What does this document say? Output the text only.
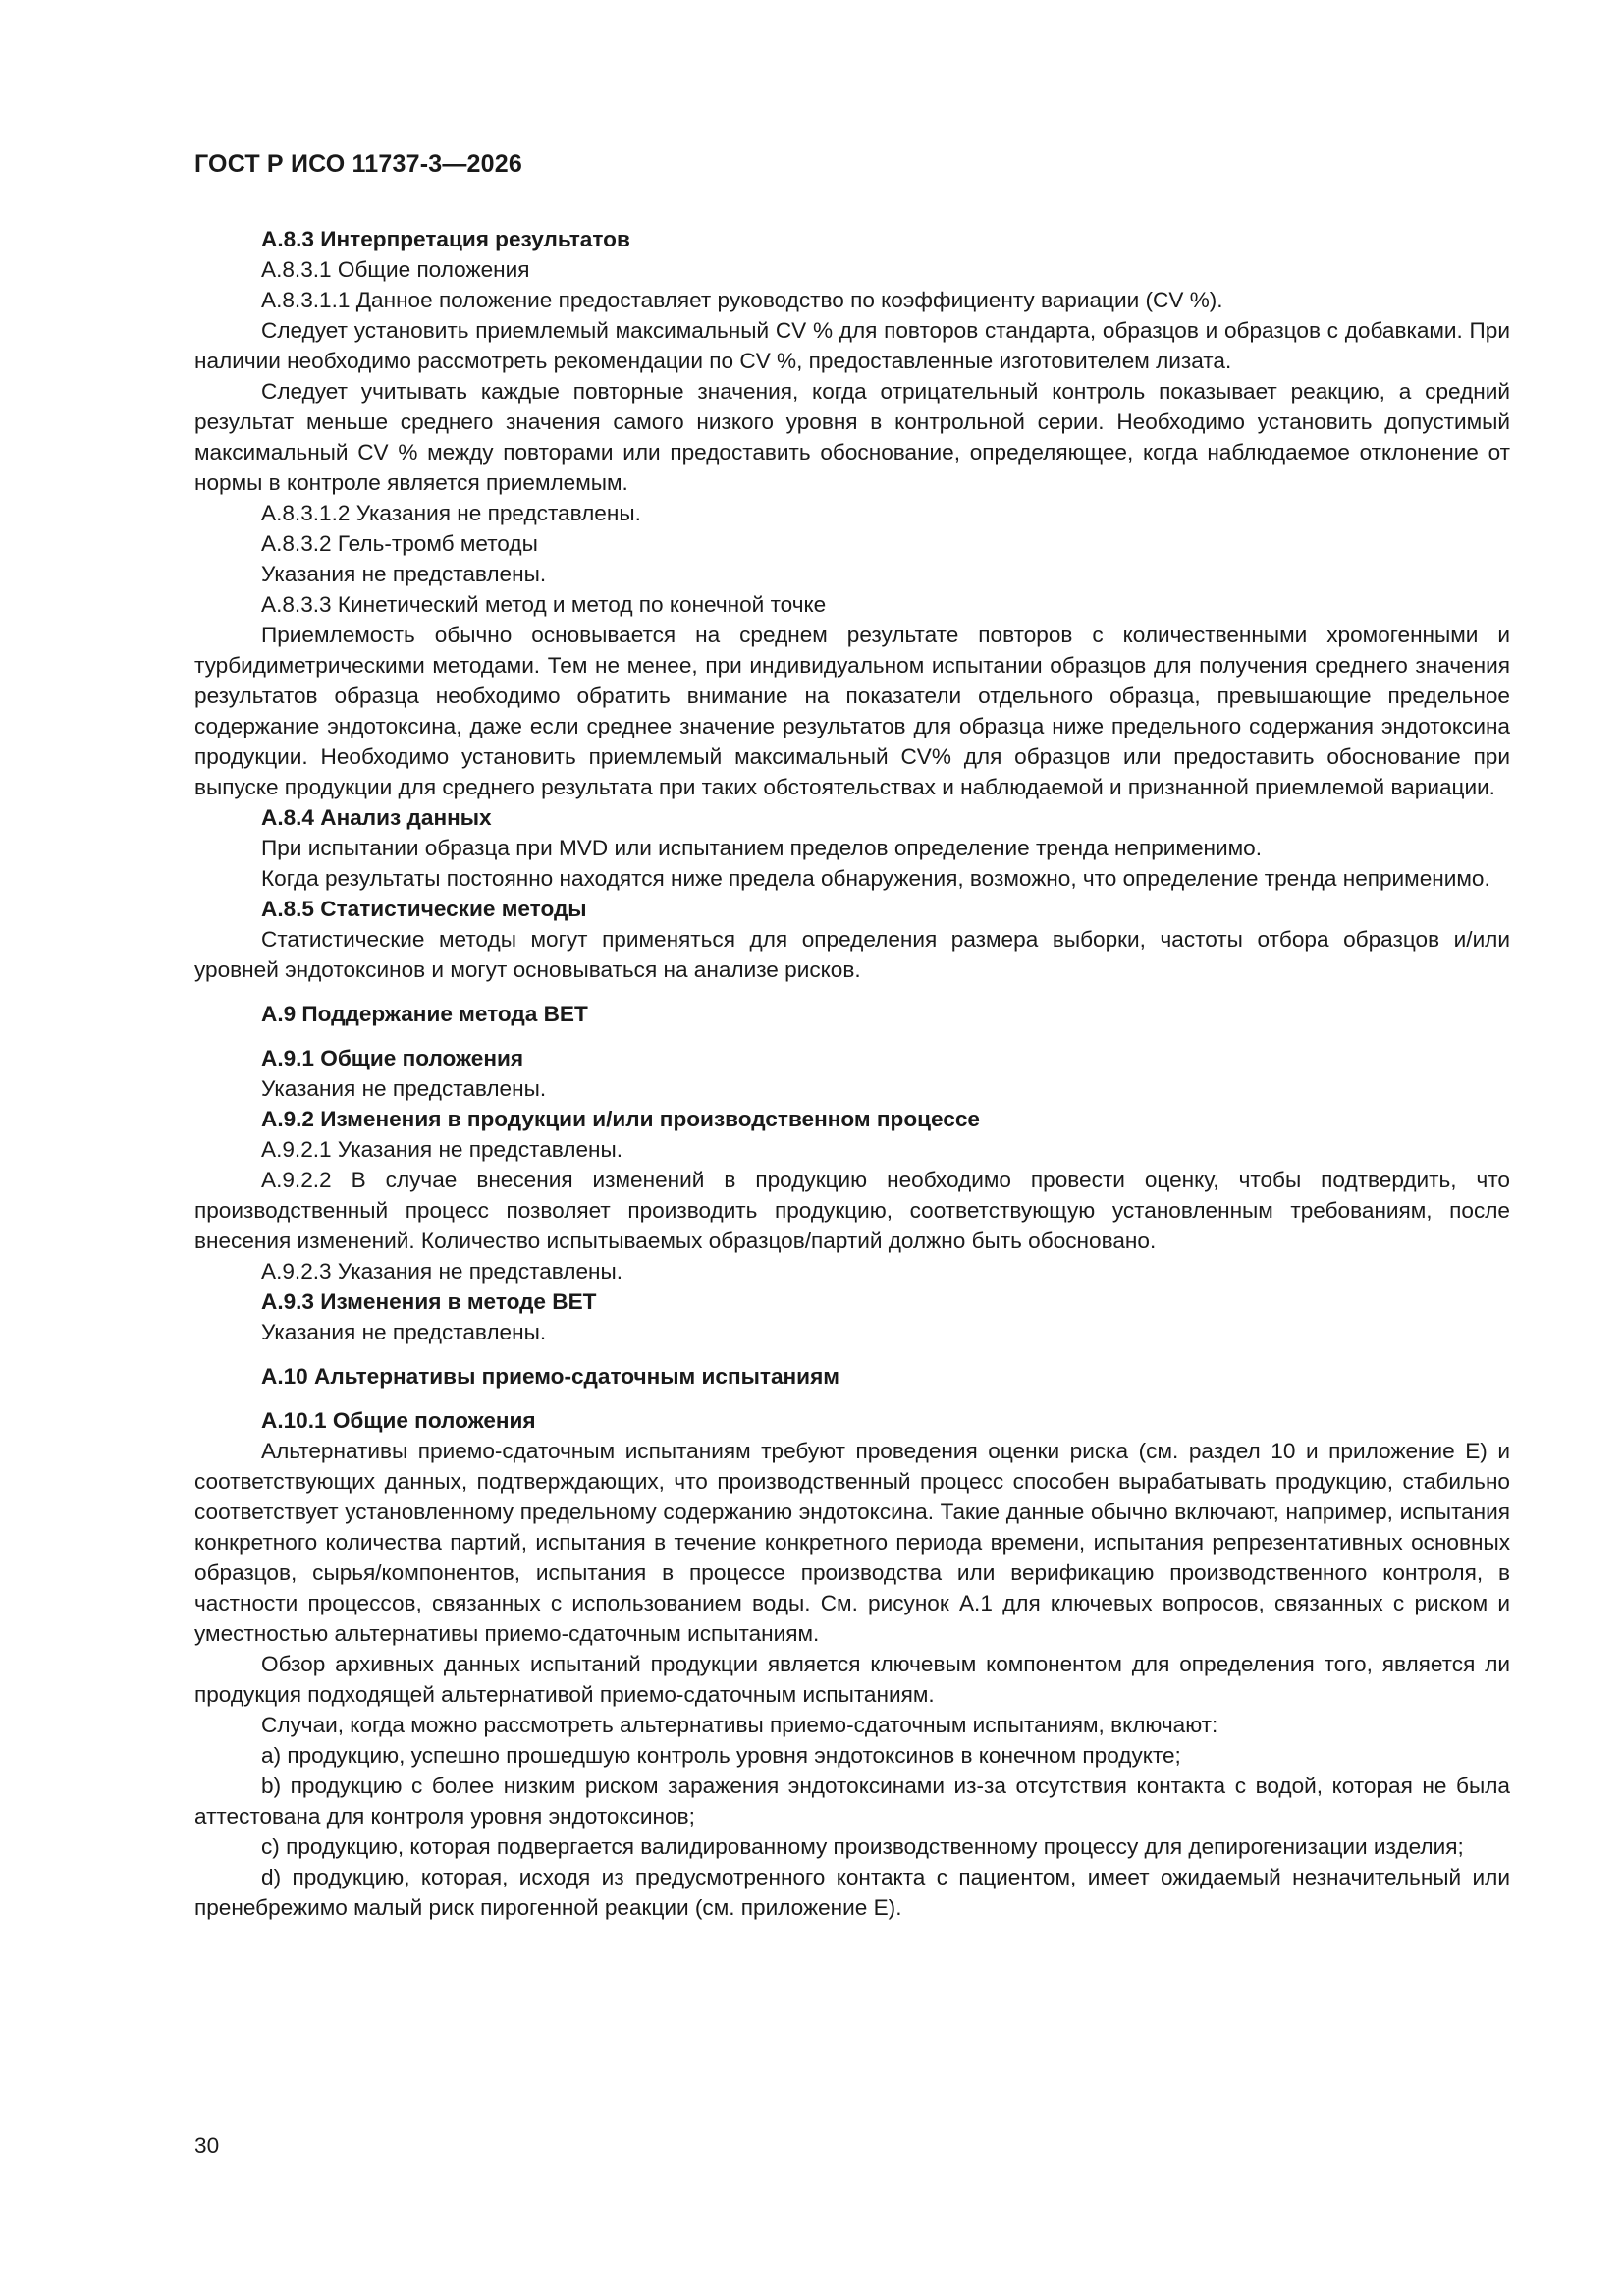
ГОСТ Р ИСО 11737-3—2026

А.8.3 Интерпретация результатов

А.8.3.1 Общие положения

А.8.3.1.1 Данное положение предоставляет руководство по коэффициенту вариации (CV %).

Следует установить приемлемый максимальный CV % для повторов стандарта, образцов и образцов с добавками. При наличии необходимо рассмотреть рекомендации по CV %, предоставленные изготовителем лизата.

Следует учитывать каждые повторные значения, когда отрицательный контроль показывает реакцию, а средний результат меньше среднего значения самого низкого уровня в контрольной серии. Необходимо установить допустимый максимальный CV % между повторами или предоставить обоснование, определяющее, когда наблюдаемое отклонение от нормы в контроле является приемлемым.

А.8.3.1.2 Указания не представлены.

А.8.3.2 Гель-тромб методы

Указания не представлены.

А.8.3.3 Кинетический метод и метод по конечной точке

Приемлемость обычно основывается на среднем результате повторов с количественными хромогенными и турбидиметрическими методами. Тем не менее, при индивидуальном испытании образцов для получения среднего значения результатов образца необходимо обратить внимание на показатели отдельного образца, превышающие предельное содержание эндотоксина, даже если среднее значение результатов для образца ниже предельного содержания эндотоксина продукции. Необходимо установить приемлемый максимальный CV% для образцов или предоставить обоснование при выпуске продукции для среднего результата при таких обстоятельствах и наблюдаемой и признанной приемлемой вариации.

А.8.4 Анализ данных

При испытании образца при MVD или испытанием пределов определение тренда неприменимо.

Когда результаты постоянно находятся ниже предела обнаружения, возможно, что определение тренда неприменимо.

А.8.5 Статистические методы

Статистические методы могут применяться для определения размера выборки, частоты отбора образцов и/или уровней эндотоксинов и могут основываться на анализе рисков.

А.9 Поддержание метода ВЕТ

А.9.1 Общие положения

Указания не представлены.

А.9.2 Изменения в продукции и/или производственном процессе

А.9.2.1 Указания не представлены.

А.9.2.2 В случае внесения изменений в продукцию необходимо провести оценку, чтобы подтвердить, что производственный процесс позволяет производить продукцию, соответствующую установленным требованиям, после внесения изменений. Количество испытываемых образцов/партий должно быть обосновано.

А.9.2.3 Указания не представлены.

А.9.3 Изменения в методе ВЕТ

Указания не представлены.

А.10 Альтернативы приемо-сдаточным испытаниям

А.10.1 Общие положения

Альтернативы приемо-сдаточным испытаниям требуют проведения оценки риска (см. раздел 10 и приложение Е) и соответствующих данных, подтверждающих, что производственный процесс способен вырабатывать продукцию, стабильно соответствует установленному предельному содержанию эндотоксина. Такие данные обычно включают, например, испытания конкретного количества партий, испытания в течение конкретного периода времени, испытания репрезентативных основных образцов, сырья/компонентов, испытания в процессе производства или верификацию производственного контроля, в частности процессов, связанных с использованием воды. См. рисунок А.1 для ключевых вопросов, связанных с риском и уместностью альтернативы приемо-сдаточным испытаниям.

Обзор архивных данных испытаний продукции является ключевым компонентом для определения того, является ли продукция подходящей альтернативой приемо-сдаточным испытаниям.

Случаи, когда можно рассмотреть альтернативы приемо-сдаточным испытаниям, включают:

a) продукцию, успешно прошедшую контроль уровня эндотоксинов в конечном продукте;

b) продукцию с более низким риском заражения эндотоксинами из-за отсутствия контакта с водой, которая не была аттестована для контроля уровня эндотоксинов;

c) продукцию, которая подвергается валидированному производственному процессу для депирогенизации изделия;

d) продукцию, которая, исходя из предусмотренного контакта с пациентом, имеет ожидаемый незначительный или пренебрежимо малый риск пирогенной реакции (см. приложение Е).

30
